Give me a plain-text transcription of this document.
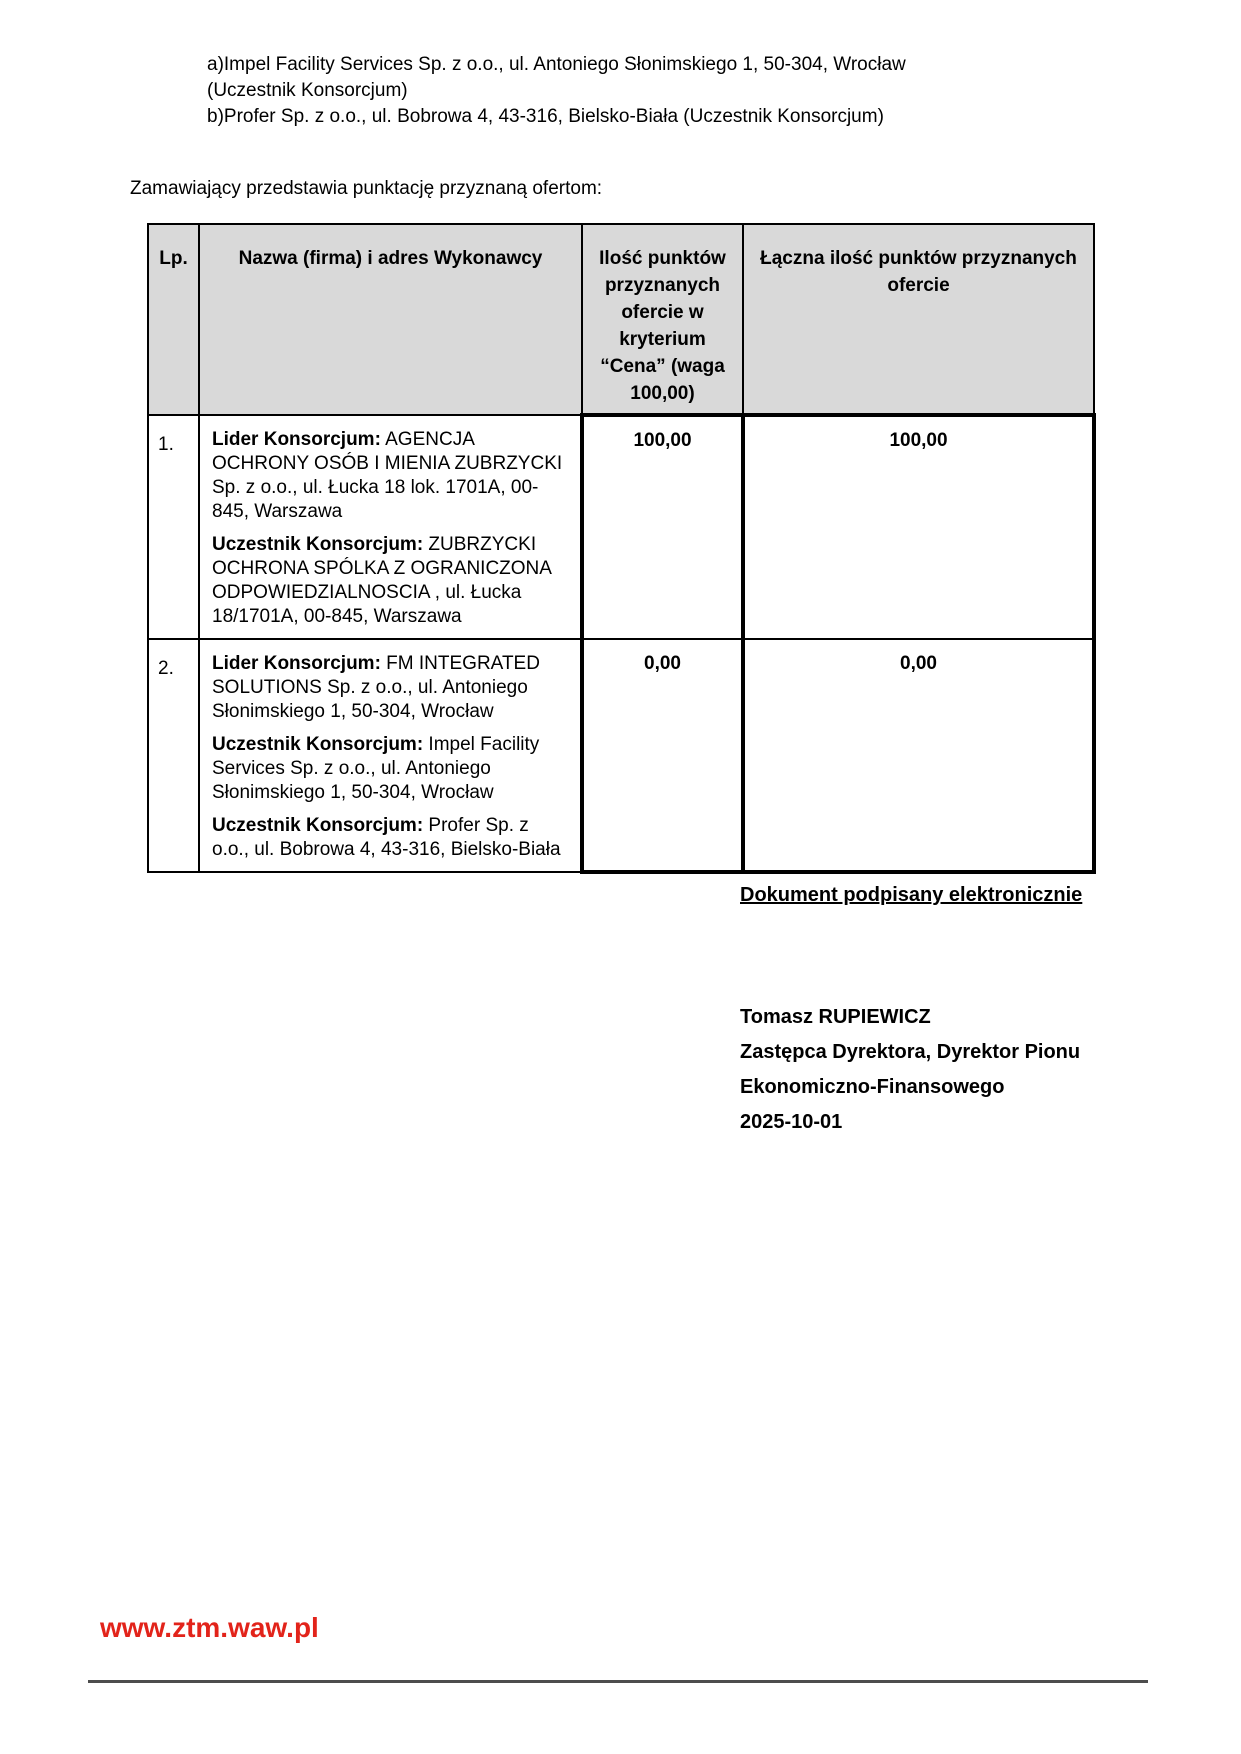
a)Impel Facility Services Sp. z o.o., ul. Antoniego Słonimskiego 1, 50-304, Wrocław
(Uczestnik Konsorcjum)
b)Profer Sp. z o.o., ul. Bobrowa 4, 43-316, Bielsko-Biała (Uczestnik Konsorcjum)
Zamawiający przedstawia punktację przyznaną ofertom:
Lp.	Nazwa (firma) i adres Wykonawcy	Ilość punktów przyznanych ofercie w kryterium “Cena” (waga 100,00)	Łączna ilość punktów przyznanych ofercie
1.	Lider Konsorcjum: AGENCJA OCHRONY OSÓB I MIENIA ZUBRZYCKI Sp. z o.o., ul. Łucka 18 lok. 1701A, 00-845, Warszawa

Uczestnik Konsorcjum: ZUBRZYCKI OCHRONA SPÓLKA Z OGRANICZONA ODPOWIEDZIALNOSCIA , ul. Łucka 18/1701A, 00-845, Warszawa	100,00	100,00
2.	Lider Konsorcjum: FM INTEGRATED SOLUTIONS Sp. z o.o., ul. Antoniego Słonimskiego 1, 50-304, Wrocław

Uczestnik Konsorcjum: Impel Facility Services Sp. z o.o., ul. Antoniego Słonimskiego 1, 50-304, Wrocław

Uczestnik Konsorcjum: Profer Sp. z o.o., ul. Bobrowa 4, 43-316, Bielsko-Biała	0,00	0,00
Dokument podpisany elektronicznie
Tomasz RUPIEWICZ
Zastępca Dyrektora, Dyrektor Pionu
Ekonomiczno-Finansowego
2025-10-01
www.ztm.waw.pl
